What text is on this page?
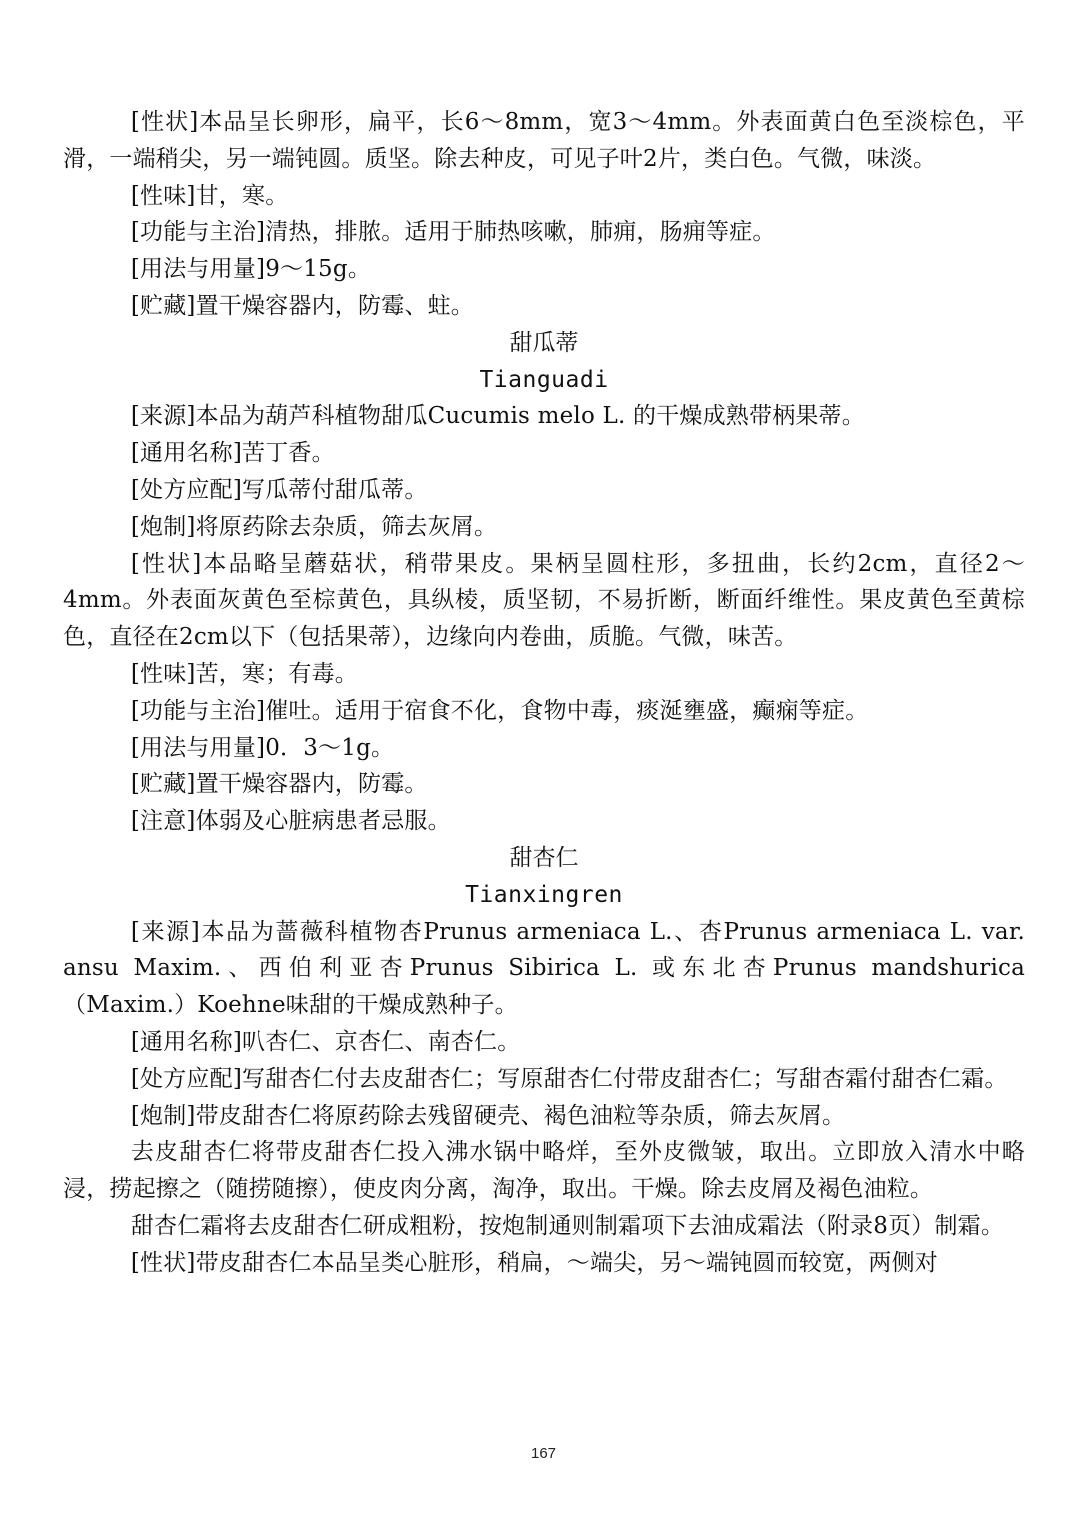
[性状]本品呈长卵形，扁平，长6～8mm，宽3～4mm。外表面黄白色至淡棕色，平滑，一端稍尖，另一端钝圆。质坚。除去种皮，可见子叶2片，类白色。气微，味淡。

[性味]甘，寒。

[功能与主治]清热，排脓。适用于肺热咳嗽，肺痈，肠痈等症。

[用法与用量]9～15g。

[贮藏]置干燥容器内，防霉、蛀。

甜瓜蒂

Tianguadi

[来源]本品为葫芦科植物甜瓜Cucumis melo L. 的干燥成熟带柄果蒂。

[通用名称]苦丁香。

[处方应配]写瓜蒂付甜瓜蒂。

[炮制]将原药除去杂质，筛去灰屑。

[性状]本品略呈蘑菇状，稍带果皮。果柄呈圆柱形，多扭曲，长约2cm，直径2～4mm。外表面灰黄色至棕黄色，具纵棱，质坚韧，不易折断，断面纤维性。果皮黄色至黄棕色，直径在2cm以下（包括果蒂），边缘向内卷曲，质脆。气微，味苦。

[性味]苦，寒；有毒。

[功能与主治]催吐。适用于宿食不化，食物中毒，痰涎壅盛，癫痫等症。

[用法与用量]0．3～1g。

[贮藏]置干燥容器内，防霉。

[注意]体弱及心脏病患者忌服。

甜杏仁

Tianxingren

[来源]本品为蔷薇科植物杏Prunus armeniaca L.、杏Prunus armeniaca L. var. ansu Maxim.、西伯利亚杏Prunus Sibirica L. 或东北杏Prunus mandshurica（Maxim.）Koehne味甜的干燥成熟种子。

[通用名称]叭杏仁、京杏仁、南杏仁。

[处方应配]写甜杏仁付去皮甜杏仁；写原甜杏仁付带皮甜杏仁；写甜杏霜付甜杏仁霜。

[炮制]带皮甜杏仁将原药除去残留硬壳、褐色油粒等杂质，筛去灰屑。

去皮甜杏仁将带皮甜杏仁投入沸水锅中略烊，至外皮微皱，取出。立即放入清水中略浸，捞起擦之（随捞随擦），使皮肉分离，淘净，取出。干燥。除去皮屑及褐色油粒。

甜杏仁霜将去皮甜杏仁研成粗粉，按炮制通则制霜项下去油成霜法（附录8页）制霜。

[性状]带皮甜杏仁本品呈类心脏形，稍扁，～端尖，另～端钝圆而较宽，两侧对

167
